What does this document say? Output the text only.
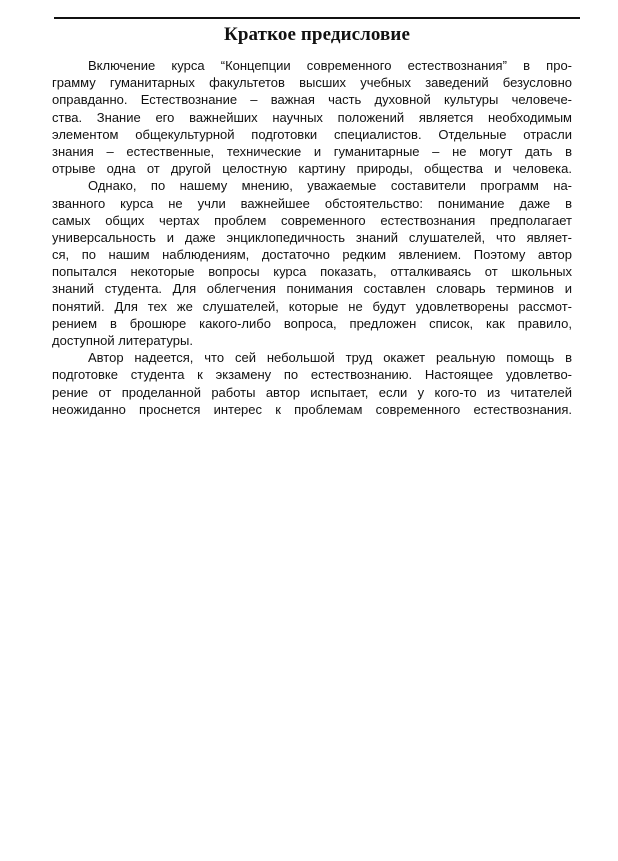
Краткое предисловие
Включение курса “Концепции современного естествознания” в про-
грамму гуманитарных факультетов высших учебных заведений безусловно
оправданно. Естествознание – важная часть духовной культуры человече-
ства. Знание его важнейших научных положений является необходимым
элементом общекультурной подготовки специалистов. Отдельные отрасли
знания – естественные, технические и гуманитарные – не могут дать в
отрыве одна от другой целостную картину природы, общества и человека.
Однако, по нашему мнению, уважаемые составители программ на-
званного курса не учли важнейшее обстоятельство: понимание даже в
самых общих чертах проблем современного естествознания предполагает
универсальность и даже энциклопедичность знаний слушателей, что являет-
ся, по нашим наблюдениям, достаточно редким явлением. Поэтому автор
попытался некоторые вопросы курса показать, отталкиваясь от школьных
знаний студента. Для облегчения понимания составлен словарь терминов и
понятий. Для тех же слушателей, которые не будут удовлетворены рассмот-
рением в брошюре какого-либо вопроса, предложен список, как правило,
доступной литературы.
Автор надеется, что сей небольшой труд окажет реальную помощь в
подготовке студента к экзамену по естествознанию. Настоящее удовлетво-
рение от проделанной работы автор испытает, если у кого-то из читателей
неожиданно проснется интерес к проблемам современного естествознания.
